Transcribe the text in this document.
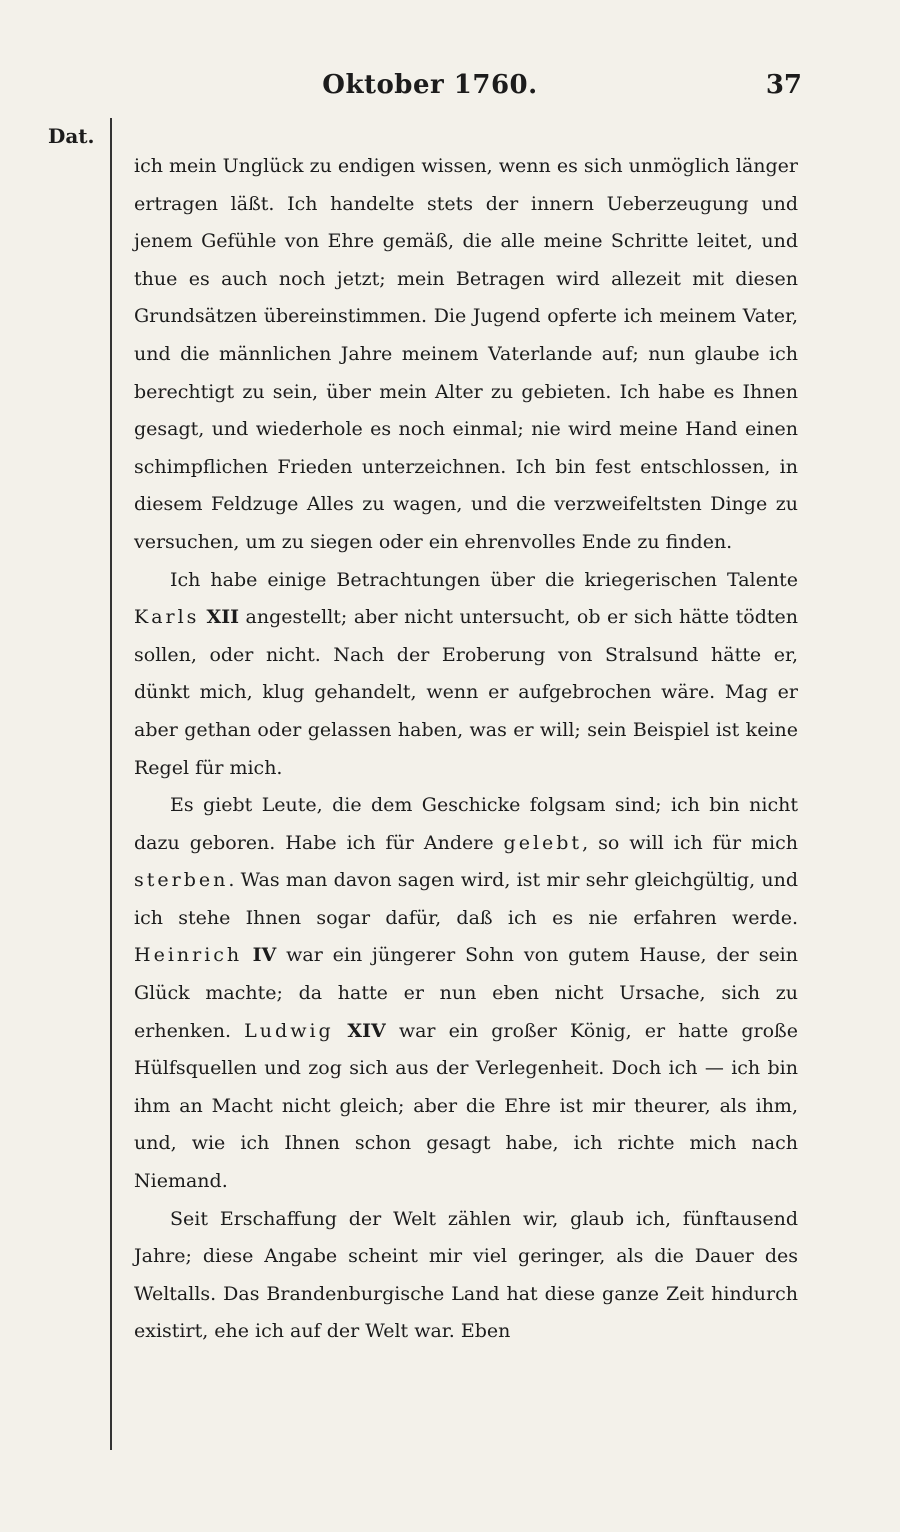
Oktober 1760.	37
Dat.

ich mein Unglück zu endigen wissen, wenn es sich unmöglich länger ertragen läßt. Ich handelte stets der innern Ueberzeugung und jenem Gefühle von Ehre gemäß, die alle meine Schritte leitet, und thue es auch noch jetzt; mein Betragen wird allezeit mit diesen Grundsätzen übereinstimmen. Die Jugend opferte ich meinem Vater, und die männlichen Jahre meinem Vaterlande auf; nun glaube ich berechtigt zu sein, über mein Alter zu gebieten. Ich habe es Ihnen gesagt, und wiederhole es noch einmal; nie wird meine Hand einen schimpflichen Frieden unterzeichnen. Ich bin fest entschlossen, in diesem Feldzuge Alles zu wagen, und die verzweifeltsten Dinge zu versuchen, um zu siegen oder ein ehrenvolles Ende zu finden.

Ich habe einige Betrachtungen über die kriegerischen Talente Karls XII angestellt; aber nicht untersucht, ob er sich hätte tödten sollen, oder nicht. Nach der Eroberung von Stralsund hätte er, dünkt mich, klug gehandelt, wenn er aufgebrochen wäre. Mag er aber gethan oder gelassen haben, was er will; sein Beispiel ist keine Regel für mich.

Es giebt Leute, die dem Geschicke folgsam sind; ich bin nicht dazu geboren. Habe ich für Andere gelebt, so will ich für mich sterben. Was man davon sagen wird, ist mir sehr gleichgültig, und ich stehe Ihnen sogar dafür, daß ich es nie erfahren werde. Heinrich IV war ein jüngerer Sohn von gutem Hause, der sein Glück machte; da hatte er nun eben nicht Ursache, sich zu erhenken. Ludwig XIV war ein großer König, er hatte große Hülfsquellen und zog sich aus der Verlegenheit. Doch ich — ich bin ihm an Macht nicht gleich; aber die Ehre ist mir theurer, als ihm, und, wie ich Ihnen schon gesagt habe, ich richte mich nach Niemand.

Seit Erschaffung der Welt zählen wir, glaub ich, fünftausend Jahre; diese Angabe scheint mir viel geringer, als die Dauer des Weltalls. Das Brandenburgische Land hat diese ganze Zeit hindurch existirt, ehe ich auf der Welt war. Eben
